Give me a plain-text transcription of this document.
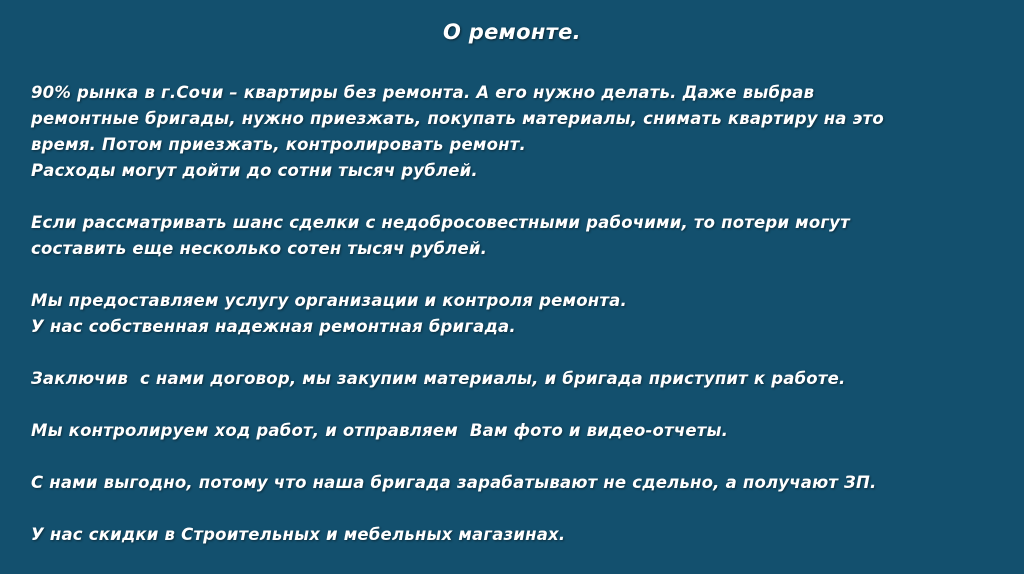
О ремонте.
90% рынка в г.Сочи – квартиры без ремонта. А его нужно делать. Даже выбрав
ремонтные бригады, нужно приезжать, покупать материалы, снимать квартиру на это
время. Потом приезжать, контролировать ремонт.
Расходы могут дойти до сотни тысяч рублей.
Если рассматривать шанс сделки с недобросовестными рабочими, то потери могут
составить еще несколько сотен тысяч рублей.
Мы предоставляем услугу организации и контроля ремонта.
У нас собственная надежная ремонтная бригада.
Заключив  с нами договор, мы закупим материалы, и бригада приступит к работе.
Мы контролируем ход работ, и отправляем  Вам фото и видео-отчеты.
С нами выгодно, потому что наша бригада зарабатывают не сдельно, а получают ЗП.
У нас скидки в Строительных и мебельных магазинах.
